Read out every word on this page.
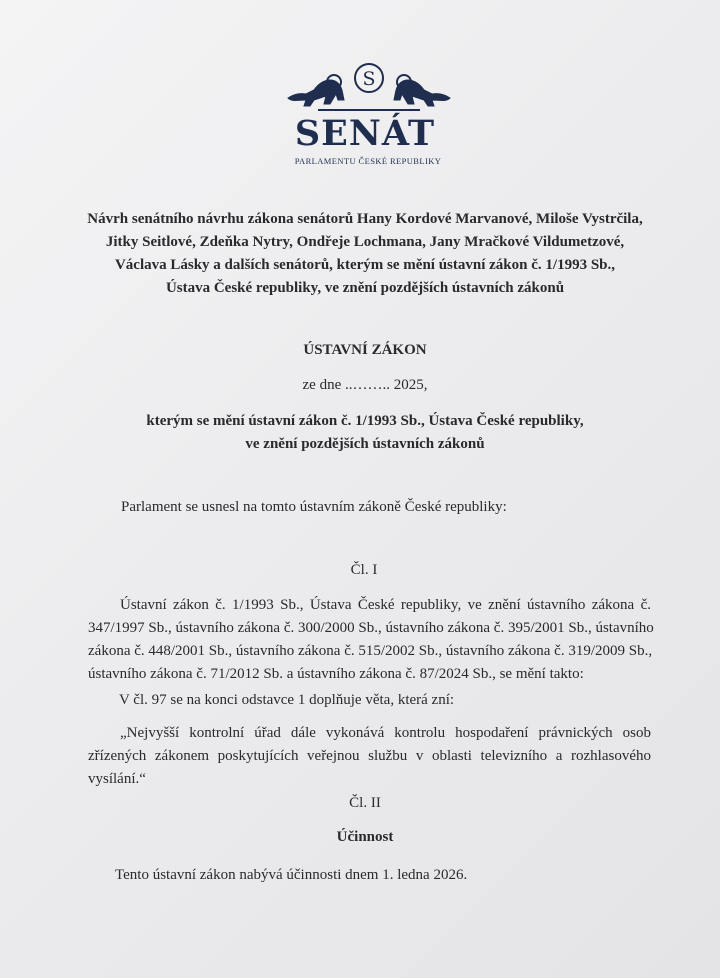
S
SENÁT
PARLAMENTU ČESKÉ REPUBLIKY
Návrh senátního návrhu zákona senátorů Hany Kordové Marvanové, Miloše Vystrčila,
Jitky Seitlové, Zdeňka Nytry, Ondřeje Lochmana, Jany Mračkové Vildumetzové,
Václava Lásky a dalších senátorů, kterým se mění ústavní zákon č. 1/1993 Sb.,
Ústava České republiky, ve znění pozdějších ústavních zákonů
ÚSTAVNÍ ZÁKON
ze dne ..…….. 2025,
kterým se mění ústavní zákon č. 1/1993 Sb., Ústava České republiky,
ve znění pozdějších ústavních zákonů
Parlament se usnesl na tomto ústavním zákoně České republiky:
Čl. I
Ústavní zákon č. 1/1993 Sb., Ústava České republiky, ve znění ústavního zákona č.
347/1997 Sb., ústavního zákona č. 300/2000 Sb., ústavního zákona č. 395/2001 Sb., ústavního
zákona č. 448/2001 Sb., ústavního zákona č. 515/2002 Sb., ústavního zákona č. 319/2009 Sb.,
ústavního zákona č. 71/2012 Sb. a ústavního zákona č. 87/2024 Sb., se mění takto:
V čl. 97 se na konci odstavce 1 doplňuje věta, která zní:
„Nejvyšší kontrolní úřad dále vykonává kontrolu hospodaření právnických osob
zřízených zákonem poskytujících veřejnou službu v oblasti televizního a rozhlasového
vysílání.“
Čl. II
Účinnost
Tento ústavní zákon nabývá účinnosti dnem 1. ledna 2026.
